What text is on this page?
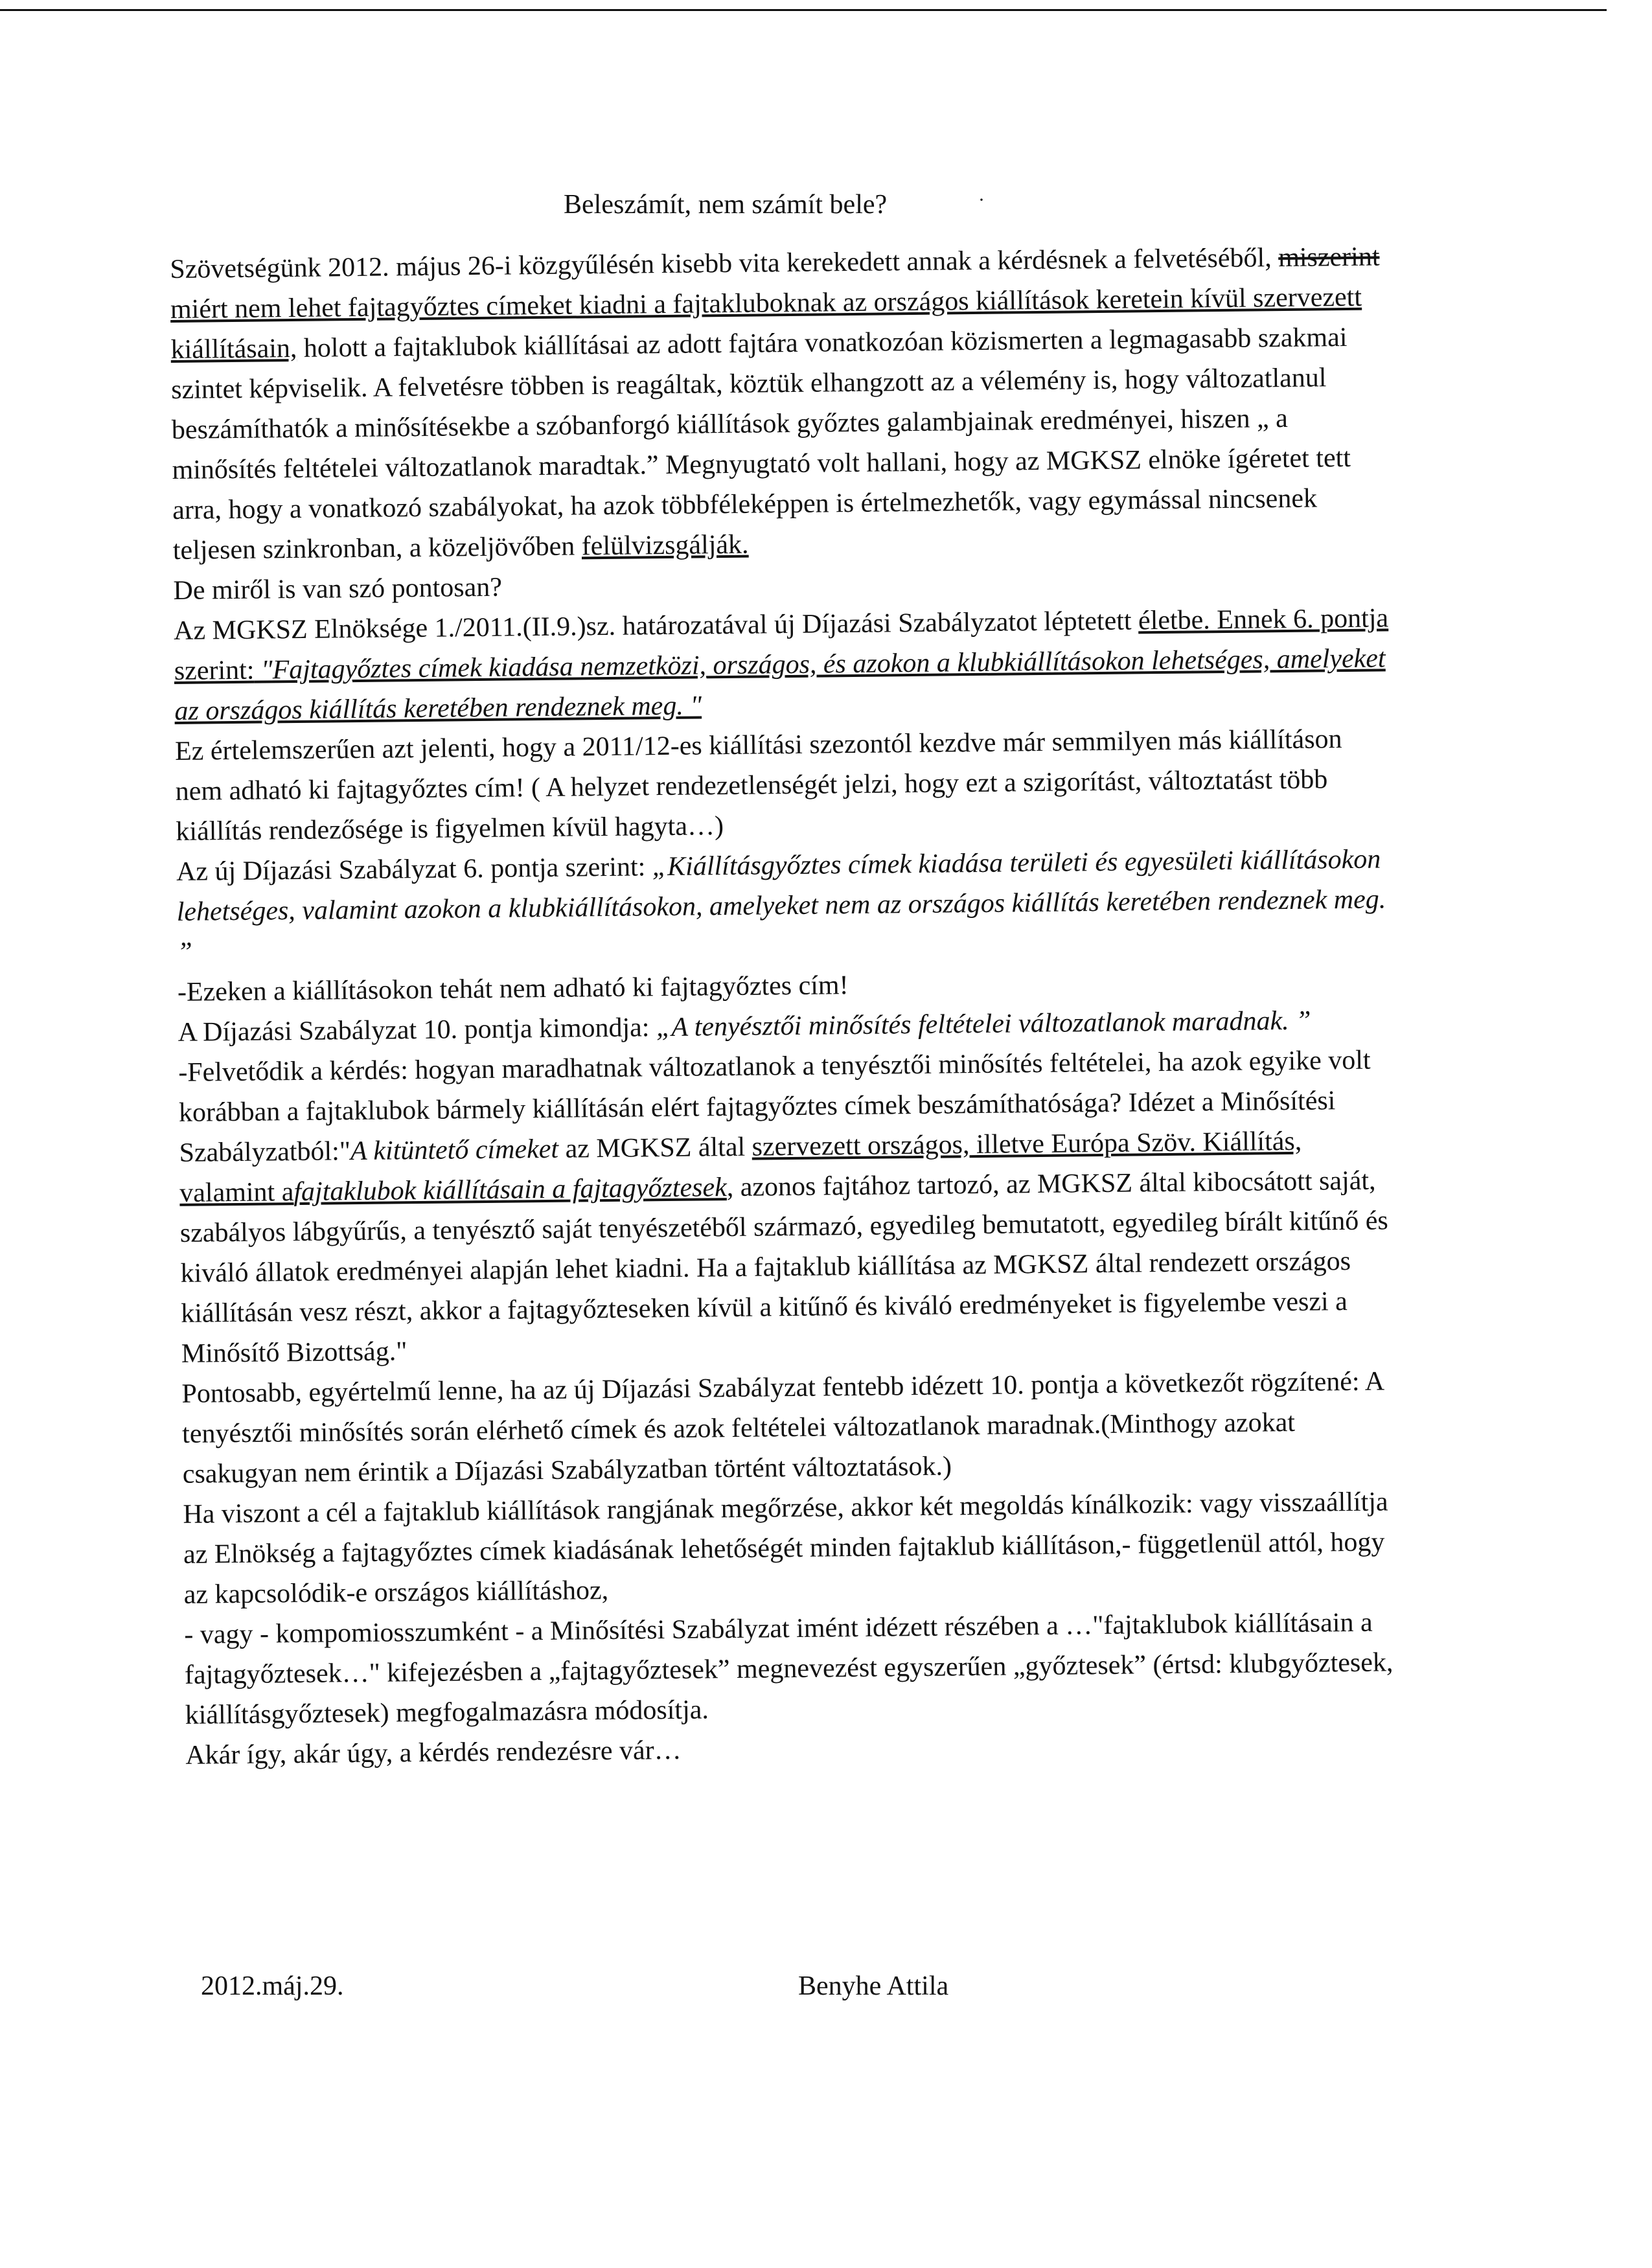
Beleszámít, nem számít bele?	·

Szövetségünk 2012. május 26-i közgyűlésén kisebb vita kerekedett annak a kérdésnek a felvetéséből, miszerint miért nem lehet fajtagyőztes címeket kiadni a fajtakluboknak az országos kiállítások keretein kívül szervezett kiállításain, holott a fajtaklubok kiállításai az adott fajtára vonatkozóan közismerten a legmagasabb szakmai szintet képviselik. A felvetésre többen is reagáltak, köztük elhangzott az a vélemény is, hogy változatlanul beszámíthatók a minősítésekbe a szóbanforgó kiállítások győztes galambjainak eredményei, hiszen „ a minősítés feltételei változatlanok maradtak.” Megnyugtató volt hallani, hogy az MGKSZ elnöke ígéretet tett arra, hogy a vonatkozó szabályokat, ha azok többféleképpen is értelmezhetők, vagy egymással nincsenek teljesen szinkronban, a közeljövőben felülvizsgálják.

De miről is van szó pontosan?

Az MGKSZ Elnöksége 1./2011.(II.9.)sz. határozatával új Díjazási Szabályzatot léptetett életbe. Ennek 6. pontja szerint: "Fajtagyőztes címek kiadása nemzetközi, országos, és azokon a klubkiállításokon lehetséges, amelyeket az országos kiállítás keretében rendeznek meg. "

Ez értelemszerűen azt jelenti, hogy a 2011/12-es kiállítási szezontól kezdve már semmilyen más kiállításon nem adható ki fajtagyőztes cím! ( A helyzet rendezetlenségét jelzi, hogy ezt a szigorítást, változtatást több kiállítás rendezősége is figyelmen kívül hagyta…)

Az új Díjazási Szabályzat 6. pontja szerint: „Kiállításgyőztes címek kiadása területi és egyesületi kiállításokon lehetséges, valamint azokon a klubkiállításokon, amelyeket nem az országos kiállítás keretében rendeznek meg. ”

-Ezeken a kiállításokon tehát nem adható ki fajtagyőztes cím!

A Díjazási Szabályzat 10. pontja kimondja: „A tenyésztői minősítés feltételei változatlanok maradnak. ”

-Felvetődik a kérdés: hogyan maradhatnak változatlanok a tenyésztői minősítés feltételei, ha azok egyike volt korábban a fajtaklubok bármely kiállításán elért fajtagyőztes címek beszámíthatósága? Idézet a Minősítési Szabályzatból:"A kitüntető címeket az MGKSZ által szervezett országos, illetve Európa Szöv. Kiállítás, valamint afajtaklubok kiállításain a fajtagyőztesek, azonos fajtához tartozó, az MGKSZ által kibocsátott saját, szabályos lábgyűrűs, a tenyésztő saját tenyészetéből származó, egyedileg bemutatott, egyedileg bírált kitűnő és kiváló állatok eredményei alapján lehet kiadni. Ha a fajtaklub kiállítása az MGKSZ által rendezett országos kiállításán vesz részt, akkor a fajtagyőzteseken kívül a kitűnő és kiváló eredményeket is figyelembe veszi a Minősítő Bizottság."

Pontosabb, egyértelmű lenne, ha az új Díjazási Szabályzat fentebb idézett 10. pontja a következőt rögzítené: A tenyésztői minősítés során elérhető címek és azok feltételei változatlanok maradnak.(Minthogy azokat csakugyan nem érintik a Díjazási Szabályzatban történt változtatások.)

Ha viszont a cél a fajtaklub kiállítások rangjának megőrzése, akkor két megoldás kínálkozik: vagy visszaállítja az Elnökség a fajtagyőztes címek kiadásának lehetőségét minden fajtaklub kiállításon,- függetlenül attól, hogy az kapcsolódik-e országos kiállításhoz,

- vagy - kompomiosszumként - a Minősítési Szabályzat imént idézett részében a …"fajtaklubok kiállításain a fajtagyőztesek…" kifejezésben a „fajtagyőztesek” megnevezést egyszerűen „győztesek” (értsd: klubgyőztesek, kiállításgyőztesek) megfogalmazásra módosítja.

Akár így, akár úgy, a kérdés rendezésre vár…

2012.máj.29.	Benyhe Attila
